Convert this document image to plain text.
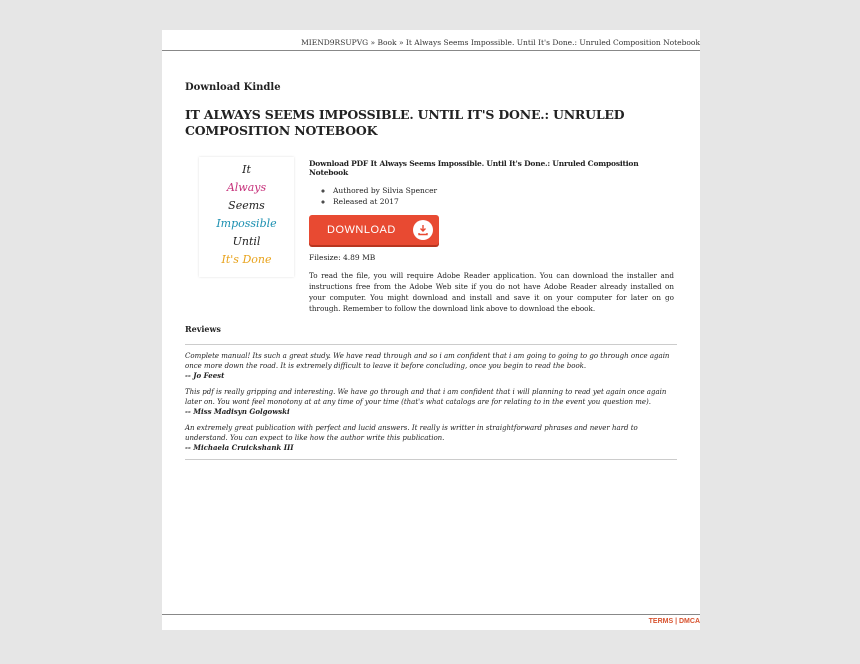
MIEND9RSUPVG » Book » It Always Seems Impossible. Until It's Done.: Unruled Composition Notebook

Download Kindle

IT ALWAYS SEEMS IMPOSSIBLE. UNTIL IT'S DONE.: UNRULED COMPOSITION NOTEBOOK
It
Always
Seems
Impossible
Until
It's Done
Download PDF It Always Seems Impossible. Until It's Done.: Unruled Composition Notebook
◦ Authored by Silvia Spencer
◦ Released at 2017
DOWNLOAD

Filesize: 4.89 MB

To read the file, you will require Adobe Reader application. You can download the installer and instructions free from the Adobe Web site if you do not have Adobe Reader already installed on your computer. You might download and install and save it on your computer for later on go through. Remember to follow the download link above to download the ebook.

Reviews

Complete manual! Its such a great study. We have read through and so i am confident that i am going to going to go through once again once more down the road. It is extremely difficult to leave it before concluding, once you begin to read the book.

-- Jo Feest

This pdf is really gripping and interesting. We have go through and that i am confident that i will planning to read yet again once again later on. You wont feel monotony at at any time of your time (that's what catalogs are for relating to in the event you question me).

-- Miss Madisyn Golgowski

An extremely great publication with perfect and lucid answers. It really is writter in straightforward phrases and never hard to understand. You can expect to like how the author write this publication.

-- Michaela Cruickshank III

TERMS | DMCA
